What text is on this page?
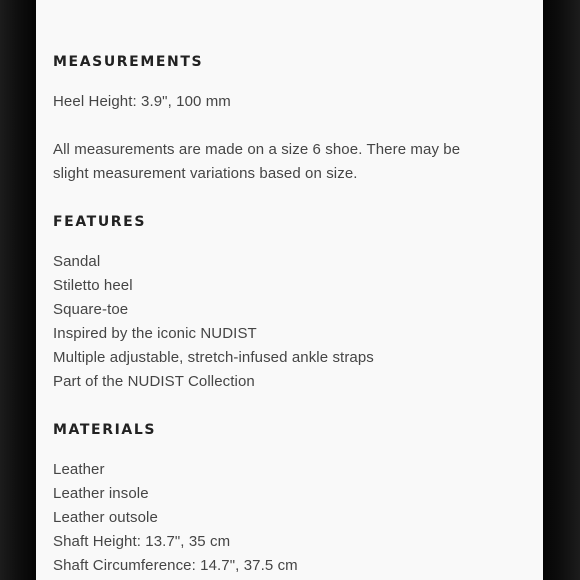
MEASUREMENTS

Heel Height: 3.9", 100 mm

All measurements are made on a size 6 shoe. There may be

slight measurement variations based on size.

FEATURES

Sandal

Stiletto heel

Square-toe

Inspired by the iconic NUDIST

Multiple adjustable, stretch-infused ankle straps

Part of the NUDIST Collection

MATERIALS

Leather

Leather insole

Leather outsole

Shaft Height: 13.7", 35 cm

Shaft Circumference: 14.7", 37.5 cm
